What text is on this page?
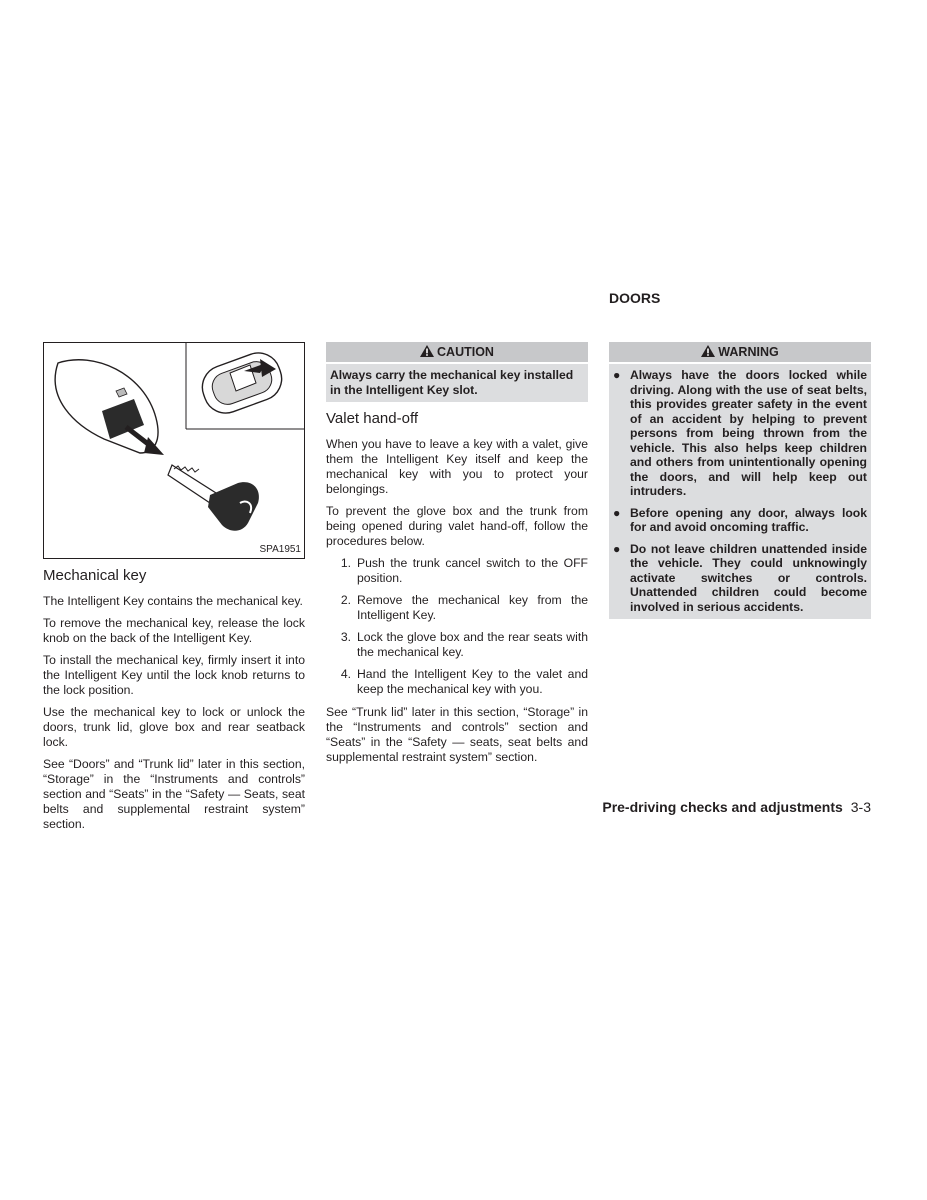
DOORS
SPA1951
Mechanical key

The Intelligent Key contains the mechanical key.

To remove the mechanical key, release the lock knob on the back of the Intelligent Key.

To install the mechanical key, firmly insert it into the Intelligent Key until the lock knob returns to the lock position.

Use the mechanical key to lock or unlock the doors, trunk lid, glove box and rear seatback lock.

See “Doors” and “Trunk lid” later in this section, “Storage” in the “Instruments and controls” section and “Seats” in the “Safety — Seats, seat belts and supplemental restraint system” section.

CAUTION
Always carry the mechanical key installed in the Intelligent Key slot.
Valet hand-off

When you have to leave a key with a valet, give them the Intelligent Key itself and keep the mechanical key with you to protect your belongings.

To prevent the glove box and the trunk from being opened during valet hand-off, follow the procedures below.

1. Push the trunk cancel switch to the OFF position.
2. Remove the mechanical key from the Intelligent Key.
3. Lock the glove box and the rear seats with the mechanical key.
4. Hand the Intelligent Key to the valet and keep the mechanical key with you.

See “Trunk lid” later in this section, “Storage” in the “Instruments and controls” section and “Seats” in the “Safety — seats, seat belts and supplemental restraint system” section.

WARNING
● Always have the doors locked while driving. Along with the use of seat belts, this provides greater safety in the event of an accident by helping to prevent persons from being thrown from the vehicle. This also helps keep children and others from unintentionally opening the doors, and will help keep out intruders.
● Before opening any door, always look for and avoid oncoming traffic.
● Do not leave children unattended inside the vehicle. They could unknowingly activate switches or controls. Unattended children could become involved in serious accidents.
Pre-driving checks and adjustments 3-3
